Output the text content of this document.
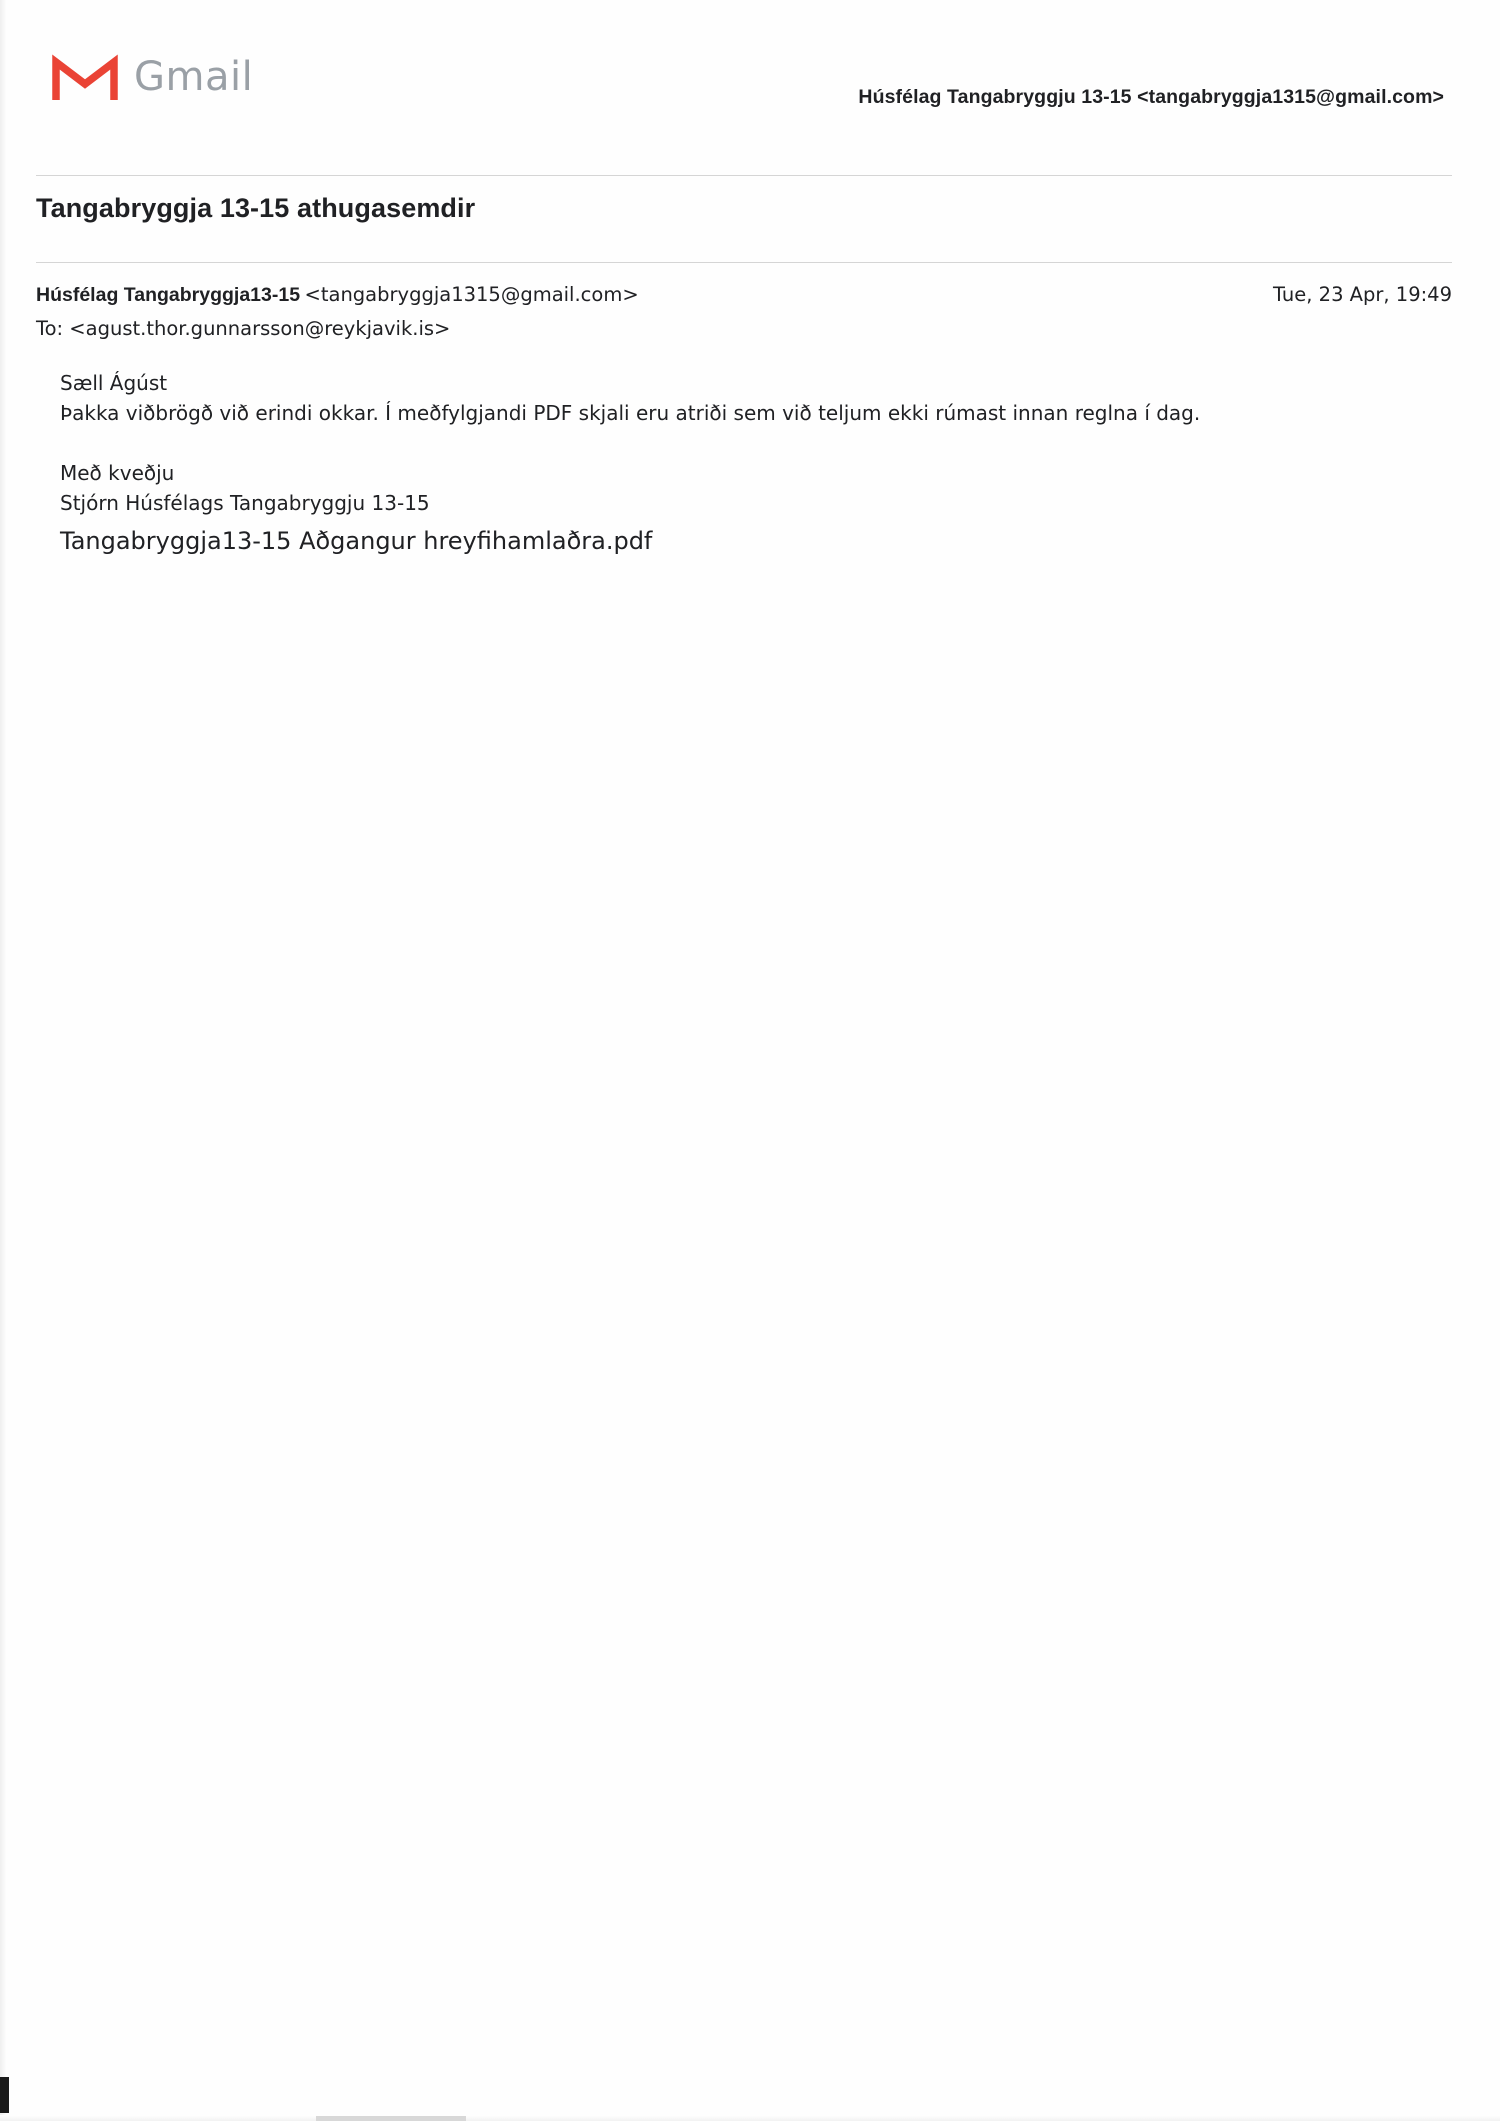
Gmail	Húsfélag Tangabryggju 13-15 <tangabryggja1315@gmail.com>
Tangabryggja 13-15 athugasemdir
Húsfélag Tangabryggja13-15 <tangabryggja1315@gmail.com>	Tue, 23 Apr, 19:49
To: <agust.thor.gunnarsson@reykjavik.is>
Sæll Ágúst
Þakka viðbrögð við erindi okkar. Í meðfylgjandi PDF skjali eru atriði sem við teljum ekki rúmast innan reglna í dag.
Með kveðju
Stjórn Húsfélags Tangabryggju 13-15
Tangabryggja13-15 Aðgangur hreyfihamlaðra.pdf
